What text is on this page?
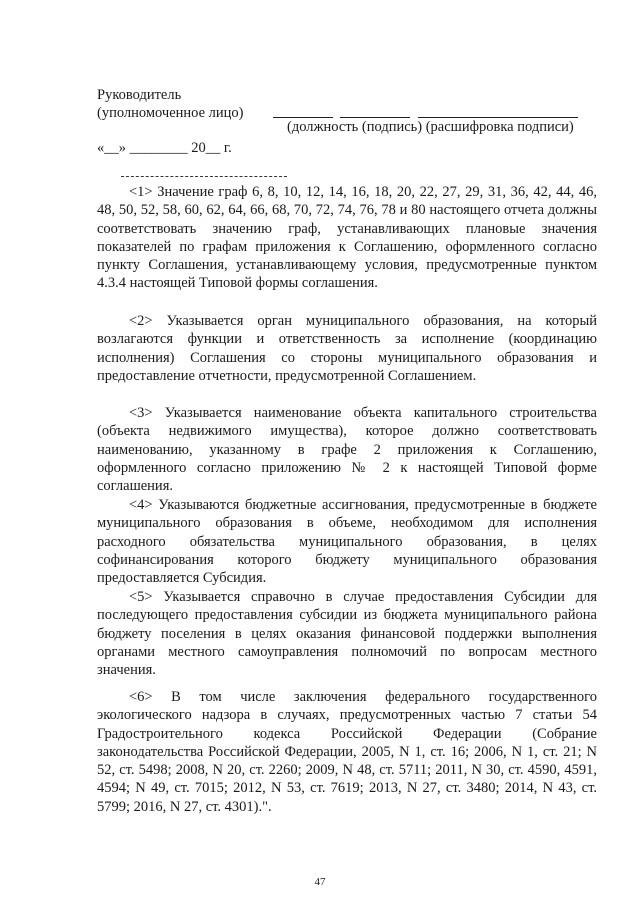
Руководитель
(уполномоченное лицо)
(должность (подпись) (расшифровка подписи)
«__» ________ 20__ г.

<1> Значение граф 6, 8, 10, 12, 14, 16, 18, 20, 22, 27, 29, 31, 36, 42, 44, 46, 48, 50, 52, 58, 60, 62, 64, 66, 68, 70, 72, 74, 76, 78 и 80 настоящего отчета должны соответствовать значению граф, устанавливающих плановые значения показателей по графам приложения к Соглашению, оформленного согласно пункту Соглашения, устанавливающему условия, предусмотренные пунктом 4.3.4 настоящей Типовой формы соглашения.

<2> Указывается орган муниципального образования, на который возлагаются функции и ответственность за исполнение (координацию исполнения) Соглашения со стороны муниципального образования и предоставление отчетности, предусмотренной Соглашением.

<3> Указывается наименование объекта капитального строительства (объекта недвижимого имущества), которое должно соответствовать наименованию, указанному в графе 2 приложения к Соглашению, оформленного согласно приложению № 2 к настоящей Типовой форме соглашения.

<4> Указываются бюджетные ассигнования, предусмотренные в бюджете муниципального образования в объеме, необходимом для исполнения расходного обязательства муниципального образования, в целях софинансирования которого бюджету муниципального образования предоставляется Субсидия.

<5> Указывается справочно в случае предоставления Субсидии для последующего предоставления субсидии из бюджета муниципального района бюджету поселения в целях оказания финансовой поддержки выполнения органами местного самоуправления полномочий по вопросам местного значения.

<6> В том числе заключения федерального государственного экологического надзора в случаях, предусмотренных частью 7 статьи 54 Градостроительного кодекса Российской Федерации (Собрание законодательства Российской Федерации, 2005, N 1, ст. 16; 2006, N 1, ст. 21; N 52, ст. 5498; 2008, N 20, ст. 2260; 2009, N 48, ст. 5711; 2011, N 30, ст. 4590, 4591, 4594; N 49, ст. 7015; 2012, N 53, ст. 7619; 2013, N 27, ст. 3480; 2014, N 43, ст. 5799; 2016, N 27, ст. 4301).".

47
